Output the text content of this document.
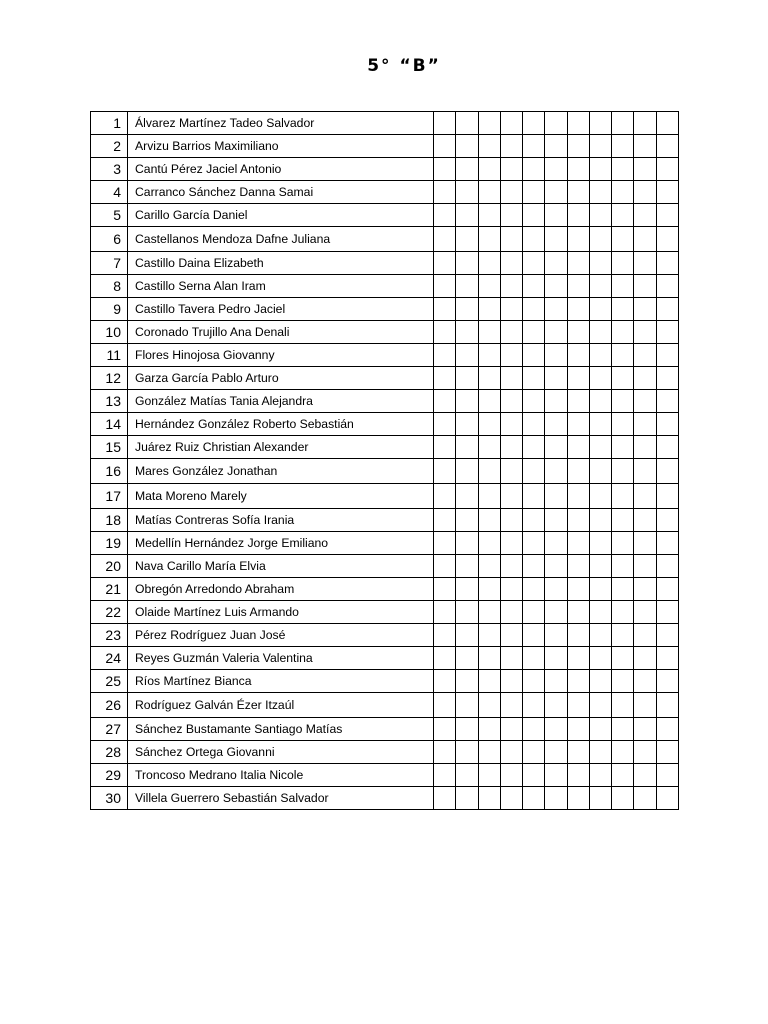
5° “B”
1	Álvarez Martínez Tadeo Salvador											
2	Arvizu Barrios Maximiliano											
3	Cantú Pérez Jaciel Antonio											
4	Carranco Sánchez Danna Samai											
5	Carillo García Daniel											
6	Castellanos Mendoza Dafne Juliana											
7	Castillo Daina Elizabeth											
8	Castillo Serna Alan Iram											
9	Castillo Tavera Pedro Jaciel											
10	Coronado Trujillo Ana Denali											
11	Flores Hinojosa Giovanny											
12	Garza García Pablo Arturo											
13	González Matías Tania Alejandra											
14	Hernández González Roberto Sebastián											
15	Juárez Ruiz Christian Alexander											
16	Mares González Jonathan											
17	Mata Moreno Marely											
18	Matías Contreras Sofía Irania											
19	Medellín Hernández Jorge Emiliano											
20	Nava Carillo María Elvia											
21	Obregón Arredondo Abraham											
22	Olaide Martínez Luis Armando											
23	Pérez Rodríguez Juan José											
24	Reyes Guzmán Valeria Valentina											
25	Ríos Martínez Bianca											
26	Rodríguez Galván Ézer Itzaúl											
27	Sánchez Bustamante Santiago Matías											
28	Sánchez Ortega Giovanni											
29	Troncoso Medrano Italia Nicole											
30	Villela Guerrero Sebastián Salvador											
